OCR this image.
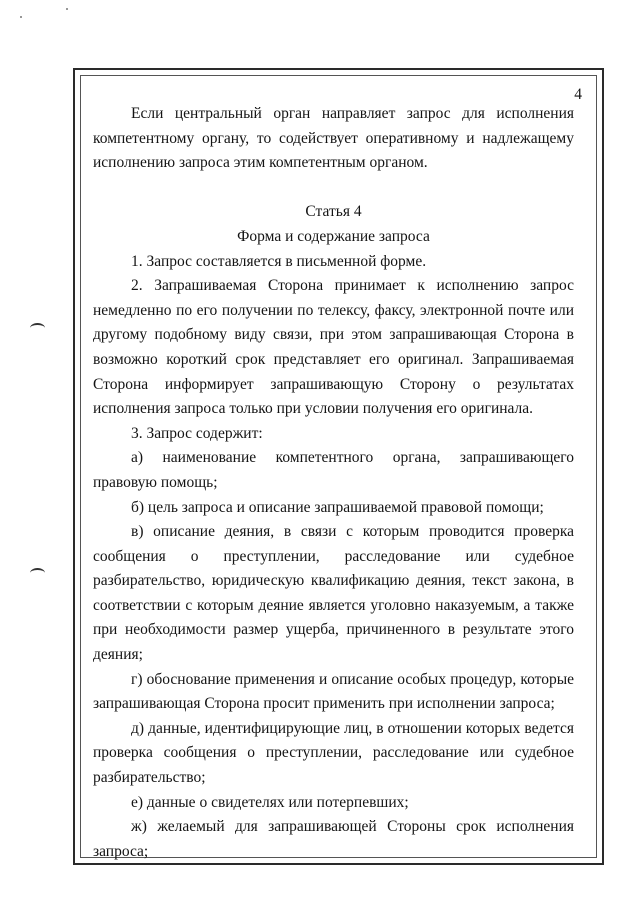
4

Если центральный орган направляет запрос для исполнения компетентному органу, то содействует оперативному и надлежащему исполнению запроса этим компетентным органом.

Статья 4
Форма и содержание запроса

1. Запрос составляется в письменной форме.

2. Запрашиваемая Сторона принимает к исполнению запрос немедленно по его получении по телексу, факсу, электронной почте или другому подобному виду связи, при этом запрашивающая Сторона в возможно короткий срок представляет его оригинал. Запрашиваемая Сторона информирует запрашивающую Сторону о результатах исполнения запроса только при условии получения его оригинала.

3. Запрос содержит:

а) наименование компетентного органа, запрашивающего правовую помощь;

б) цель запроса и описание запрашиваемой правовой помощи;

в) описание деяния, в связи с которым проводится проверка сообщения о преступлении, расследование или судебное разбирательство, юридическую квалификацию деяния, текст закона, в соответствии с которым деяние является уголовно наказуемым, а также при необходимости размер ущерба, причиненного в результате этого деяния;

г) обоснование применения и описание особых процедур, которые запрашивающая Сторона просит применить при исполнении запроса;

д) данные, идентифицирующие лиц, в отношении которых ведется проверка сообщения о преступлении, расследование или судебное разбирательство;

е) данные о свидетелях или потерпевших;

ж) желаемый для запрашивающей Стороны срок исполнения запроса;
